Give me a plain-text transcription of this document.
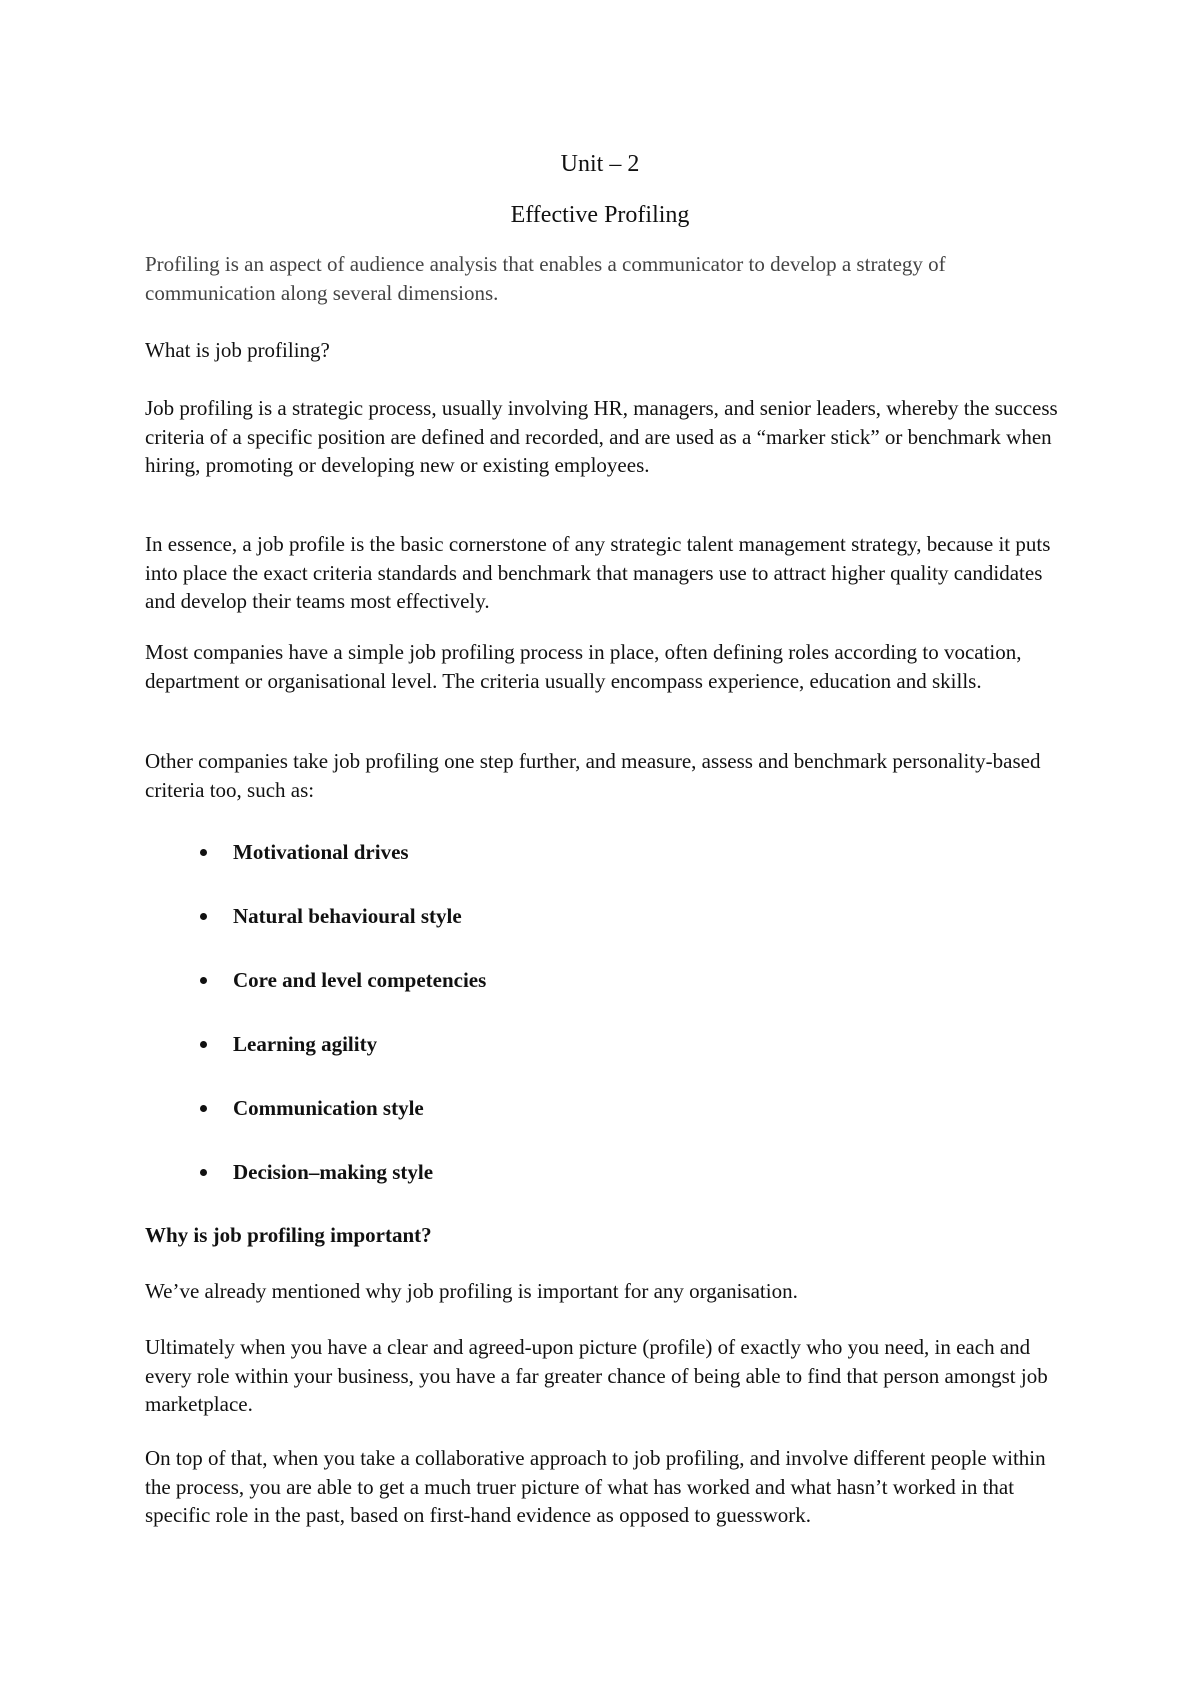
Unit – 2
Effective Profiling

Profiling is an aspect of audience analysis that enables a communicator to develop a strategy of communication along several dimensions.

What is job profiling?

Job profiling is a strategic process, usually involving HR, managers, and senior leaders, whereby the success criteria of a specific position are defined and recorded, and are used as a “marker stick” or benchmark when hiring, promoting or developing new or existing employees.

In essence, a job profile is the basic cornerstone of any strategic talent management strategy, because it puts into place the exact criteria standards and benchmark that managers use to attract higher quality candidates and develop their teams most effectively.

Most companies have a simple job profiling process in place, often defining roles according to vocation, department or organisational level. The criteria usually encompass experience, education and skills.

Other companies take job profiling one step further, and measure, assess and benchmark personality-based criteria too, such as:

Motivational drives
Natural behavioural style
Core and level competencies
Learning agility
Communication style
Decision–making style

Why is job profiling important?

We’ve already mentioned why job profiling is important for any organisation.

Ultimately when you have a clear and agreed-upon picture (profile) of exactly who you need, in each and every role within your business, you have a far greater chance of being able to find that person amongst job marketplace.

On top of that, when you take a collaborative approach to job profiling, and involve different people within the process, you are able to get a much truer picture of what has worked and what hasn’t worked in that specific role in the past, based on first-hand evidence as opposed to guesswork.
